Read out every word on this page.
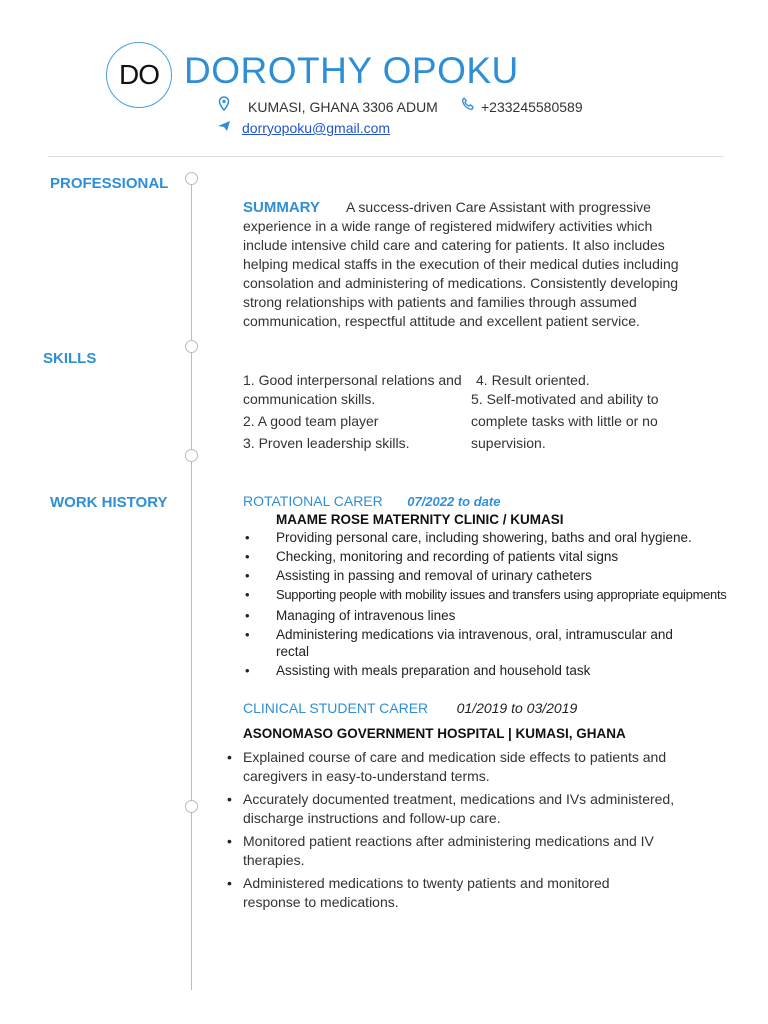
DO DOROTHY OPOKU
KUMASI, GHANA 3306 ADUM	+233245580589
dorryopoku@gmail.com
PROFESSIONAL
SKILLS
WORK HISTORY
SUMMARY A success-driven Care Assistant with progressive
experience in a wide range of registered midwifery activities which
include intensive child care and catering for patients. It also includes
helping medical staffs in the execution of their medical duties including
consolation and administering of medications. Consistently developing
strong relationships with patients and families through assumed
communication, respectful attitude and excellent patient service.
1. Good interpersonal relations and
communication skills.
2. A good team player
3. Proven leadership skills.
4. Result oriented.
5. Self-motivated and ability to
complete tasks with little or no
supervision.
ROTATIONAL CARER 07/2022 to date
MAAME ROSE MATERNITY CLINIC / KUMASI
• Providing personal care, including showering, baths and oral hygiene.
• Checking, monitoring and recording of patients vital signs
• Assisting in passing and removal of urinary catheters
• Supporting people with mobility issues and transfers using appropriate equipments
• Managing of intravenous lines
• Administering medications via intravenous, oral, intramuscular and rectal
• Assisting with meals preparation and household task
CLINICAL STUDENT CARER 01/2019 to 03/2019
ASONOMASO GOVERNMENT HOSPITAL | KUMASI, GHANA
• Explained course of care and medication side effects to patients and caregivers in easy-to-understand terms.
• Accurately documented treatment, medications and IVs administered, discharge instructions and follow-up care.
• Monitored patient reactions after administering medications and IV therapies.
• Administered medications to twenty patients and monitored response to medications.
